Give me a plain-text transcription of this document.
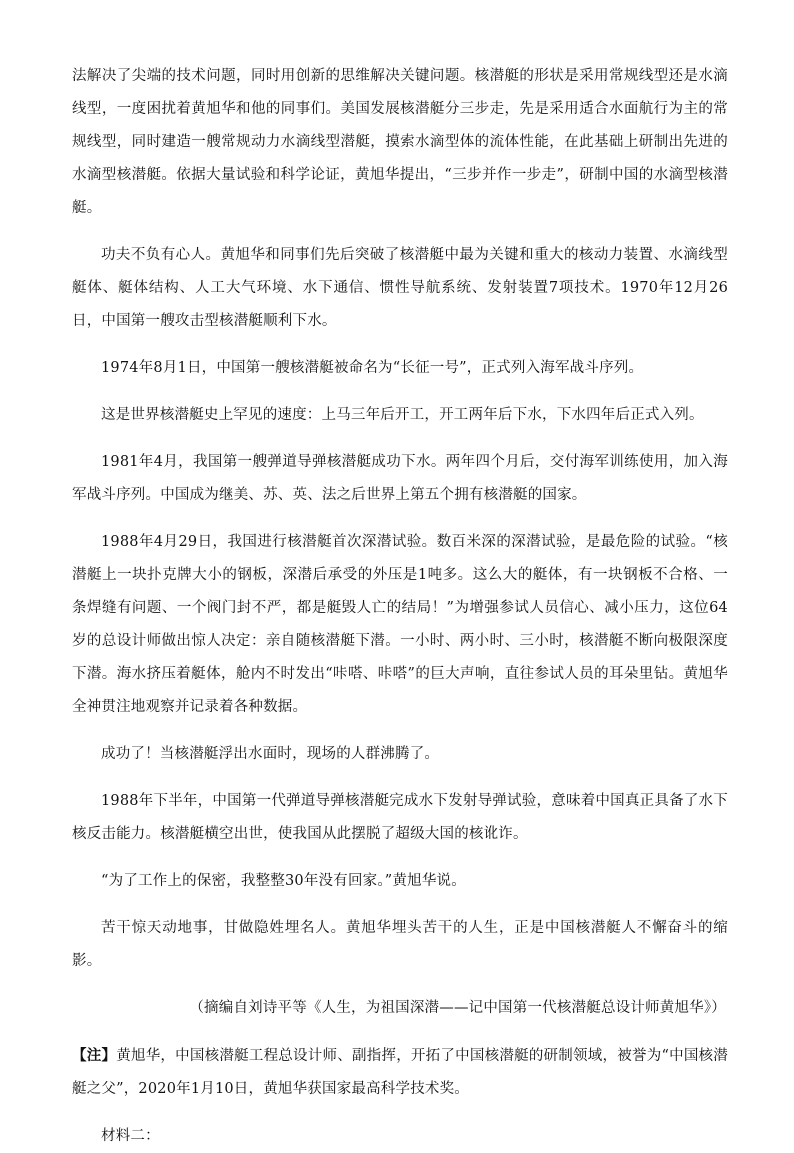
法解决了尖端的技术问题，同时用创新的思维解决关键问题。核潜艇的形状是采用常规线型还是水滴线型，一度困扰着黄旭华和他的同事们。美国发展核潜艇分三步走，先是采用适合水面航行为主的常规线型，同时建造一艘常规动力水滴线型潜艇，摸索水滴型体的流体性能，在此基础上研制出先进的水滴型核潜艇。依据大量试验和科学论证，黄旭华提出，“三步并作一步走”，研制中国的水滴型核潜艇。

功夫不负有心人。黄旭华和同事们先后突破了核潜艇中最为关键和重大的核动力装置、水滴线型艇体、艇体结构、人工大气环境、水下通信、惯性导航系统、发射装置7项技术。1970年12月26日，中国第一艘攻击型核潜艇顺利下水。

1974年8月1日，中国第一艘核潜艇被命名为“长征一号”，正式列入海军战斗序列。

这是世界核潜艇史上罕见的速度：上马三年后开工，开工两年后下水，下水四年后正式入列。

1981年4月，我国第一艘弹道导弹核潜艇成功下水。两年四个月后，交付海军训练使用，加入海军战斗序列。中国成为继美、苏、英、法之后世界上第五个拥有核潜艇的国家。

1988年4月29日，我国进行核潜艇首次深潜试验。数百米深的深潜试验，是最危险的试验。“核潜艇上一块扑克牌大小的钢板，深潜后承受的外压是1吨多。这么大的艇体，有一块钢板不合格、一条焊缝有问题、一个阀门封不严，都是艇毁人亡的结局！”为增强参试人员信心、减小压力，这位64岁的总设计师做出惊人决定：亲自随核潜艇下潜。一小时、两小时、三小时，核潜艇不断向极限深度下潜。海水挤压着艇体，舱内不时发出“咔嗒、咔嗒”的巨大声响，直往参试人员的耳朵里钻。黄旭华全神贯注地观察并记录着各种数据。

成功了！当核潜艇浮出水面时，现场的人群沸腾了。

1988年下半年，中国第一代弹道导弹核潜艇完成水下发射导弹试验，意味着中国真正具备了水下核反击能力。核潜艇横空出世，使我国从此摆脱了超级大国的核讹诈。

“为了工作上的保密，我整整30年没有回家。”黄旭华说。

苦干惊天动地事，甘做隐姓埋名人。黄旭华埋头苦干的人生，正是中国核潜艇人不懈奋斗的缩影。

（摘编自刘诗平等《人生，为祖国深潜——记中国第一代核潜艇总设计师黄旭华》）

【注】黄旭华，中国核潜艇工程总设计师、副指挥，开拓了中国核潜艇的研制领域，被誉为“中国核潜艇之父”，2020年1月10日，黄旭华获国家最高科学技术奖。

材料二：
